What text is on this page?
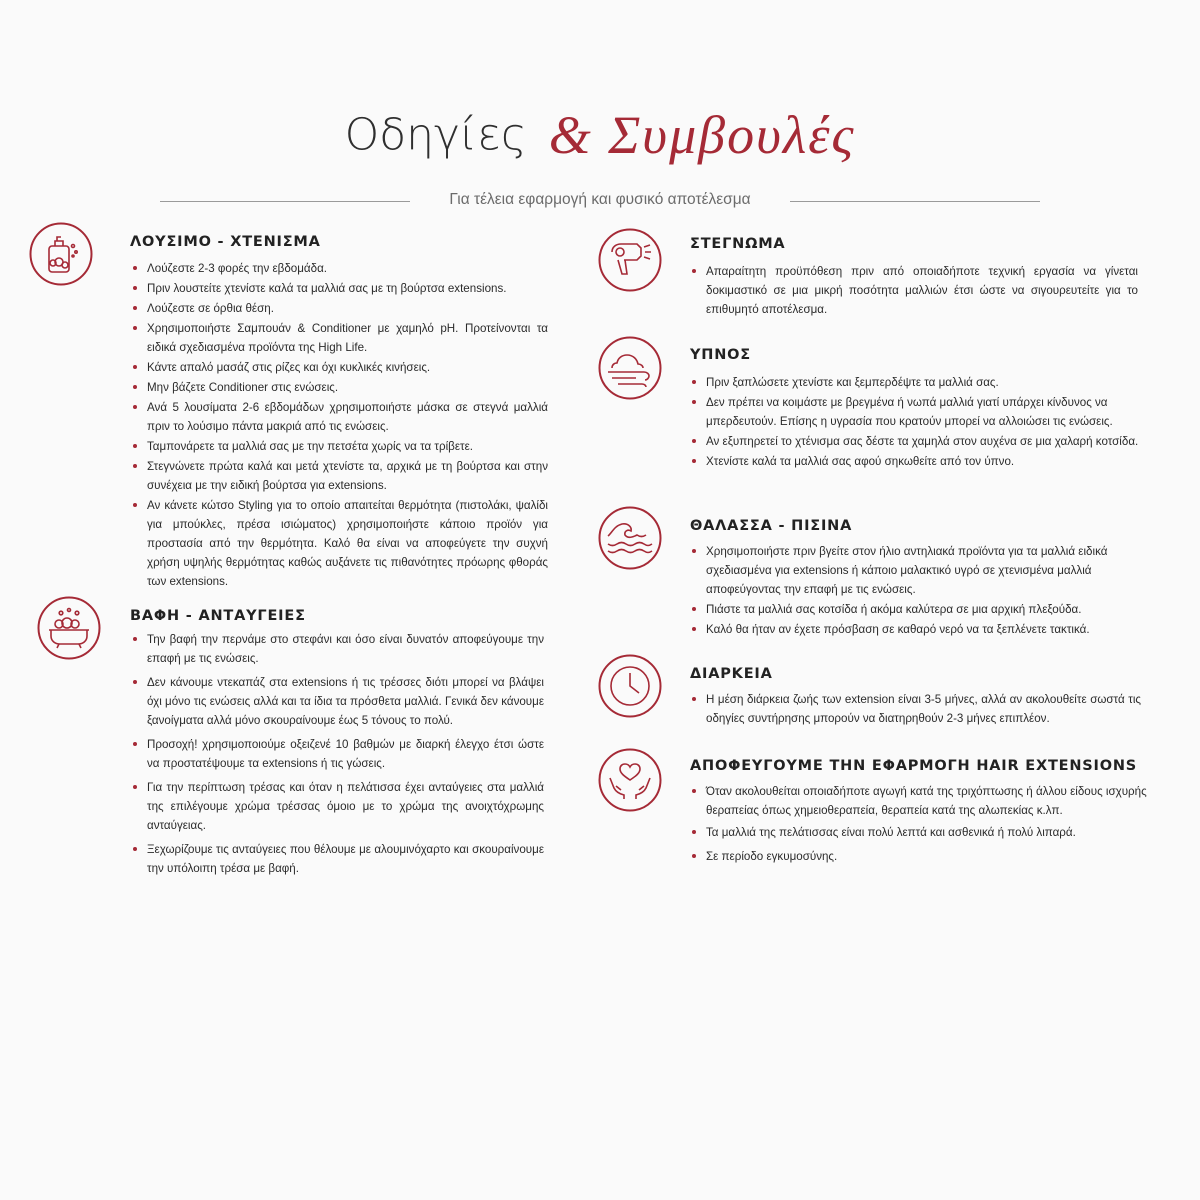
Οδηγίες & Συμβουλές
Για τέλεια εφαρμογή και φυσικό αποτέλεσμα
ΛΟΥΣΙΜΟ - ΧΤΕΝΙΣΜΑ
Λούζεστε 2-3 φορές την εβδομάδα.
Πριν λουστείτε χτενίστε καλά τα μαλλιά σας με τη βούρτσα extensions.
Λούζεστε σε όρθια θέση.
Χρησιμοποιήστε Σαμπουάν & Conditioner με χαμηλό pH. Προτείνονται τα ειδικά σχεδιασμένα προϊόντα της High Life.
Κάντε απαλό μασάζ στις ρίζες και όχι κυκλικές κινήσεις.
Μην βάζετε Conditioner στις ενώσεις.
Ανά 5 λουσίματα 2-6 εβδομάδων χρησιμοποιήστε μάσκα σε στεγνά μαλλιά πριν το λούσιμο πάντα μακριά από τις ενώσεις.
Ταμπονάρετε τα μαλλιά σας με την πετσέτα χωρίς να τα τρίβετε.
Στεγνώνετε πρώτα καλά και μετά χτενίστε τα, αρχικά με τη βούρτσα και στην συνέχεια με την ειδική βούρτσα για extensions.
Αν κάνετε κώτσο Styling για το οποίο απαιτείται θερμότητα (πιστολάκι, ψαλίδι για μπούκλες, πρέσα ισιώματος) χρησιμοποιήστε κάποιο προϊόν για προστασία από την θερμότητα. Καλό θα είναι να αποφεύγετε την συχνή χρήση υψηλής θερμότητας καθώς αυξάνετε τις πιθανότητες πρόωρης φθοράς των extensions.
ΒΑΦΗ - ΑΝΤΑΥΓΕΙΕΣ
Την βαφή την περνάμε στο στεφάνι και όσο είναι δυνατόν αποφεύγουμε την επαφή με τις ενώσεις.
Δεν κάνουμε ντεκαπάζ στα extensions ή τις τρέσσες διότι μπορεί να βλάψει όχι μόνο τις ενώσεις αλλά και τα ίδια τα πρόσθετα μαλλιά. Γενικά δεν κάνουμε ξανοίγματα αλλά μόνο σκουραίνουμε έως 5 τόνους το πολύ.
Προσοχή! χρησιμοποιούμε οξειζενέ 10 βαθμών με διαρκή έλεγχο έτσι ώστε να προστατέψουμε τα extensions ή τις γώσεις.
Για την περίπτωση τρέσας και όταν η πελάτισσα έχει ανταύγειες στα μαλλιά της επιλέγουμε χρώμα τρέσσας όμοιο με το χρώμα της ανοιχτόχρωμης ανταύγειας.
Ξεχωρίζουμε τις ανταύγειες που θέλουμε με αλουμινόχαρτο και σκουραίνουμε την υπόλοιπη τρέσα με βαφή.
ΣΤΕΓΝΩΜΑ
Απαραίτητη προϋπόθεση πριν από οποιαδήποτε τεχνική εργασία να γίνεται δοκιμαστικό σε μια μικρή ποσότητα μαλλιών έτσι ώστε να σιγουρευτείτε για το επιθυμητό αποτέλεσμα.
ΥΠΝΟΣ
Πριν ξαπλώσετε χτενίστε και ξεμπερδέψτε τα μαλλιά σας.
Δεν πρέπει να κοιμάστε με βρεγμένα ή νωπά μαλλιά γιατί υπάρχει κίνδυνος να μπερδευτούν. Επίσης η υγρασία που κρατούν μπορεί να αλλοιώσει τις ενώσεις.
Αν εξυπηρετεί το χτένισμα σας δέστε τα χαμηλά στον αυχένα σε μια χαλαρή κοτσίδα.
Χτενίστε καλά τα μαλλιά σας αφού σηκωθείτε από τον ύπνο.
ΘΑΛΑΣΣΑ - ΠΙΣΙΝΑ
Χρησιμοποιήστε πριν βγείτε στον ήλιο αντηλιακά προϊόντα για τα μαλλιά ειδικά σχεδιασμένα για extensions ή κάποιο μαλακτικό υγρό σε χτενισμένα μαλλιά αποφεύγοντας την επαφή με τις ενώσεις.
Πιάστε τα μαλλιά σας κοτσίδα ή ακόμα καλύτερα σε μια αρχική πλεξούδα.
Καλό θα ήταν αν έχετε πρόσβαση σε καθαρό νερό να τα ξεπλένετε τακτικά.
ΔΙΑΡΚΕΙΑ
Η μέση διάρκεια ζωής των extension είναι 3-5 μήνες, αλλά αν ακολουθείτε σωστά τις οδηγίες συντήρησης μπορούν να διατηρηθούν 2-3 μήνες επιπλέον.
ΑΠΟΦΕΥΓΟΥΜΕ ΤΗΝ ΕΦΑΡΜΟΓΗ HAIR EXTENSIONS
Όταν ακολουθείται οποιαδήποτε αγωγή κατά της τριχόπτωσης ή άλλου είδους ισχυρής θεραπείας όπως χημειοθεραπεία, θεραπεία κατά της αλωπεκίας κ.λπ.
Τα μαλλιά της πελάτισσας είναι πολύ λεπτά και ασθενικά ή πολύ λιπαρά.
Σε περίοδο εγκυμοσύνης.
